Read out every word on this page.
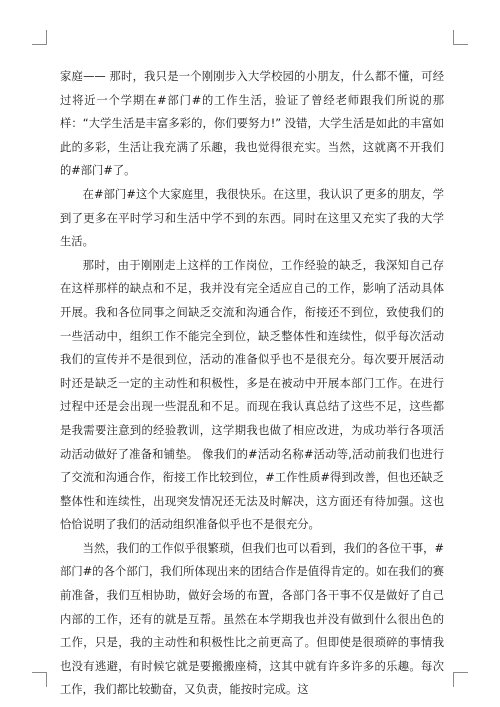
家庭—— 那时，我只是一个刚刚步入大学校园的小朋友，什么都不懂，可经过将近一个学期在#部门#的工作生活，验证了曾经老师跟我们所说的那样：“大学生活是丰富多彩的，你们要努力!” 没错，大学生活是如此的丰富如此的多彩，生活让我充满了乐趣，我也觉得很充实。当然，这就离不开我们的#部门#了。

在#部门#这个大家庭里，我很快乐。在这里，我认识了更多的朋友，学到了更多在平时学习和生活中学不到的东西。同时在这里又充实了我的大学生活。

那时，由于刚刚走上这样的工作岗位，工作经验的缺乏，我深知自己存在这样那样的缺点和不足，我并没有完全适应自己的工作，影响了活动具体开展。我和各位同事之间缺乏交流和沟通合作，衔接还不到位，致使我们的一些活动中，组织工作不能完全到位，缺乏整体性和连续性，似乎每次活动我们的宣传并不是很到位，活动的准备似乎也不是很充分。每次要开展活动时还是缺乏一定的主动性和积极性，多是在被动中开展本部门工作。在进行过程中还是会出现一些混乱和不足。而现在我认真总结了这些不足，这些都是我需要注意到的经验教训，这学期我也做了相应改进，为成功举行各项活动活动做好了准备和铺垫。 像我们的#活动名称#活动等,活动前我们也进行了交流和沟通合作，衔接工作比较到位，#工作性质#得到改善，但也还缺乏整体性和连续性，出现突发情况还无法及时解决，这方面还有待加强。这也恰恰说明了我们的活动组织准备似乎也不是很充分。

当然，我们的工作似乎很繁琐，但我们也可以看到，我们的各位干事，#部门#的各个部门，我们所体现出来的团结合作是值得肯定的。如在我们的赛前准备，我们互相协助，做好会场的布置，各部门各干事不仅是做好了自己内部的工作，还有的就是互帮。虽然在本学期我也并没有做到什么很出色的工作，只是，我的主动性和积极性比之前更高了。但即使是很琐碎的事情我也没有逃避，有时候它就是要搬搬座椅，这其中就有许多许多的乐趣。每次工作，我们都比较勤奋，又负责，能按时完成。这
